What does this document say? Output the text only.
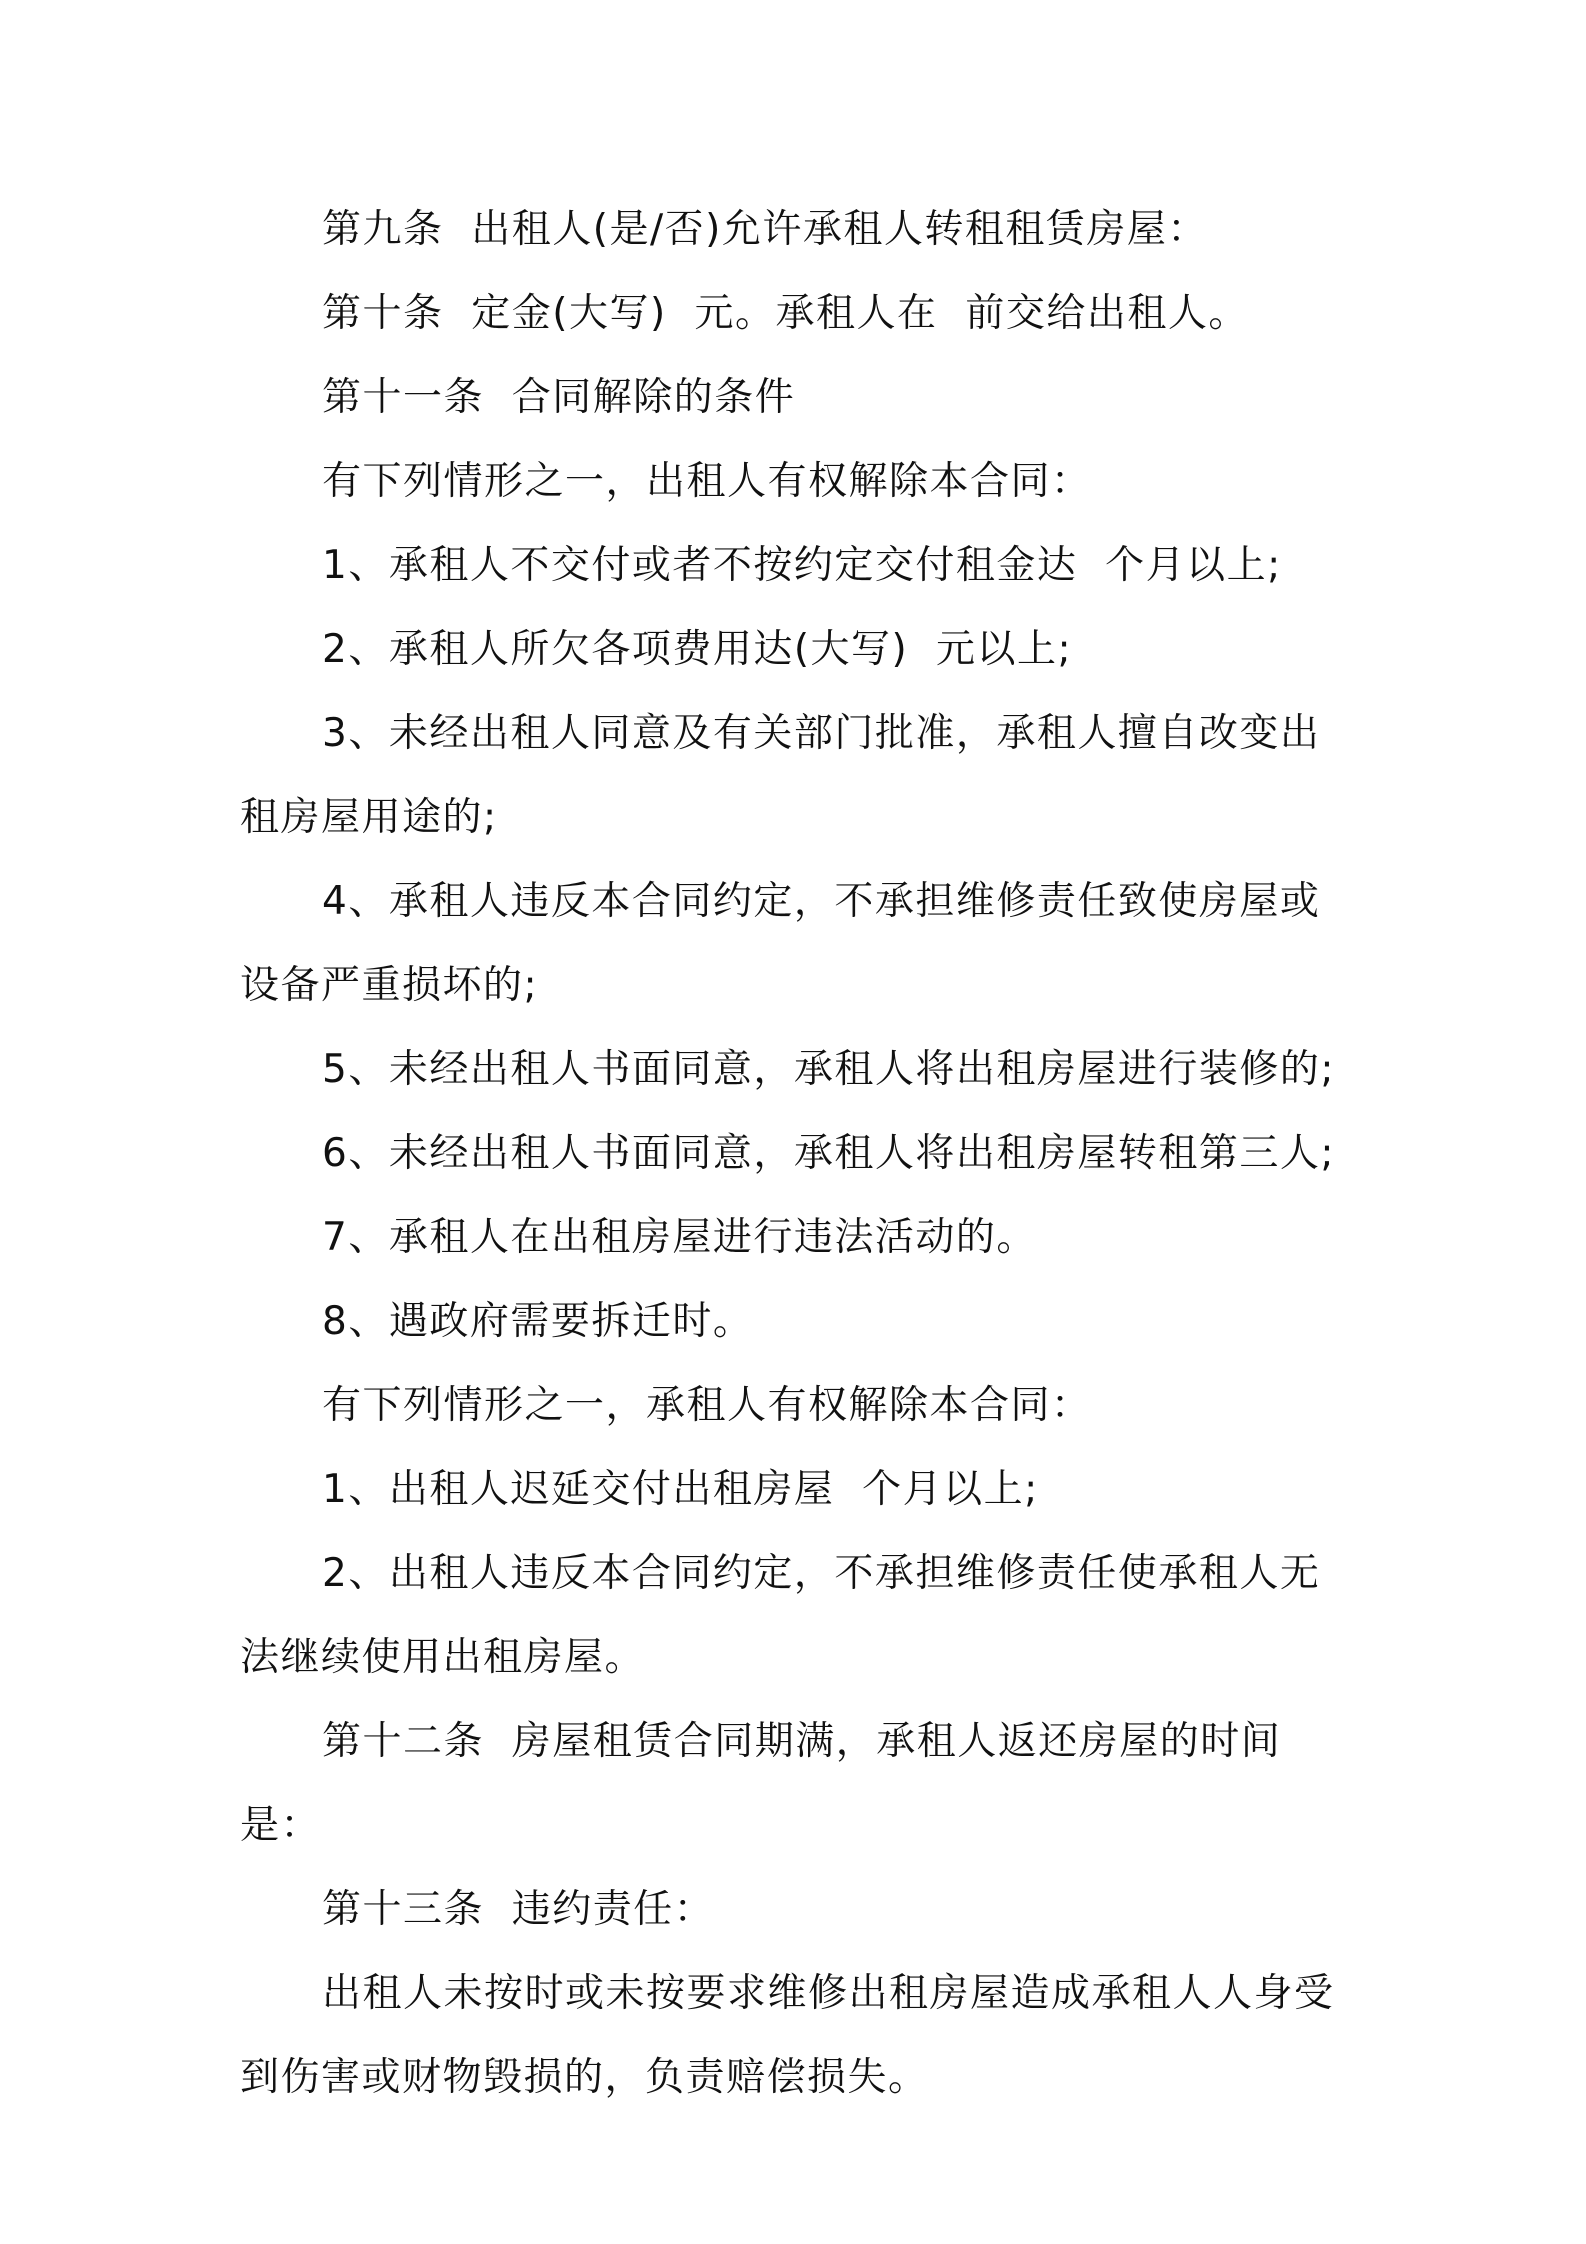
第九条  出租人(是/否)允许承租人转租租赁房屋：

第十条  定金(大写)  元。承租人在  前交给出租人。

第十一条  合同解除的条件

有下列情形之一，出租人有权解除本合同：

1、承租人不交付或者不按约定交付租金达  个月以上;

2、承租人所欠各项费用达(大写)  元以上;

3、未经出租人同意及有关部门批准，承租人擅自改变出租房屋用途的;

4、承租人违反本合同约定，不承担维修责任致使房屋或设备严重损坏的;

5、未经出租人书面同意，承租人将出租房屋进行装修的;

6、未经出租人书面同意，承租人将出租房屋转租第三人;

7、承租人在出租房屋进行违法活动的。

8、遇政府需要拆迁时。

有下列情形之一，承租人有权解除本合同：

1、出租人迟延交付出租房屋  个月以上;

2、出租人违反本合同约定，不承担维修责任使承租人无法继续使用出租房屋。

第十二条  房屋租赁合同期满，承租人返还房屋的时间是：

第十三条  违约责任：

出租人未按时或未按要求维修出租房屋造成承租人人身受到伤害或财物毁损的，负责赔偿损失。
